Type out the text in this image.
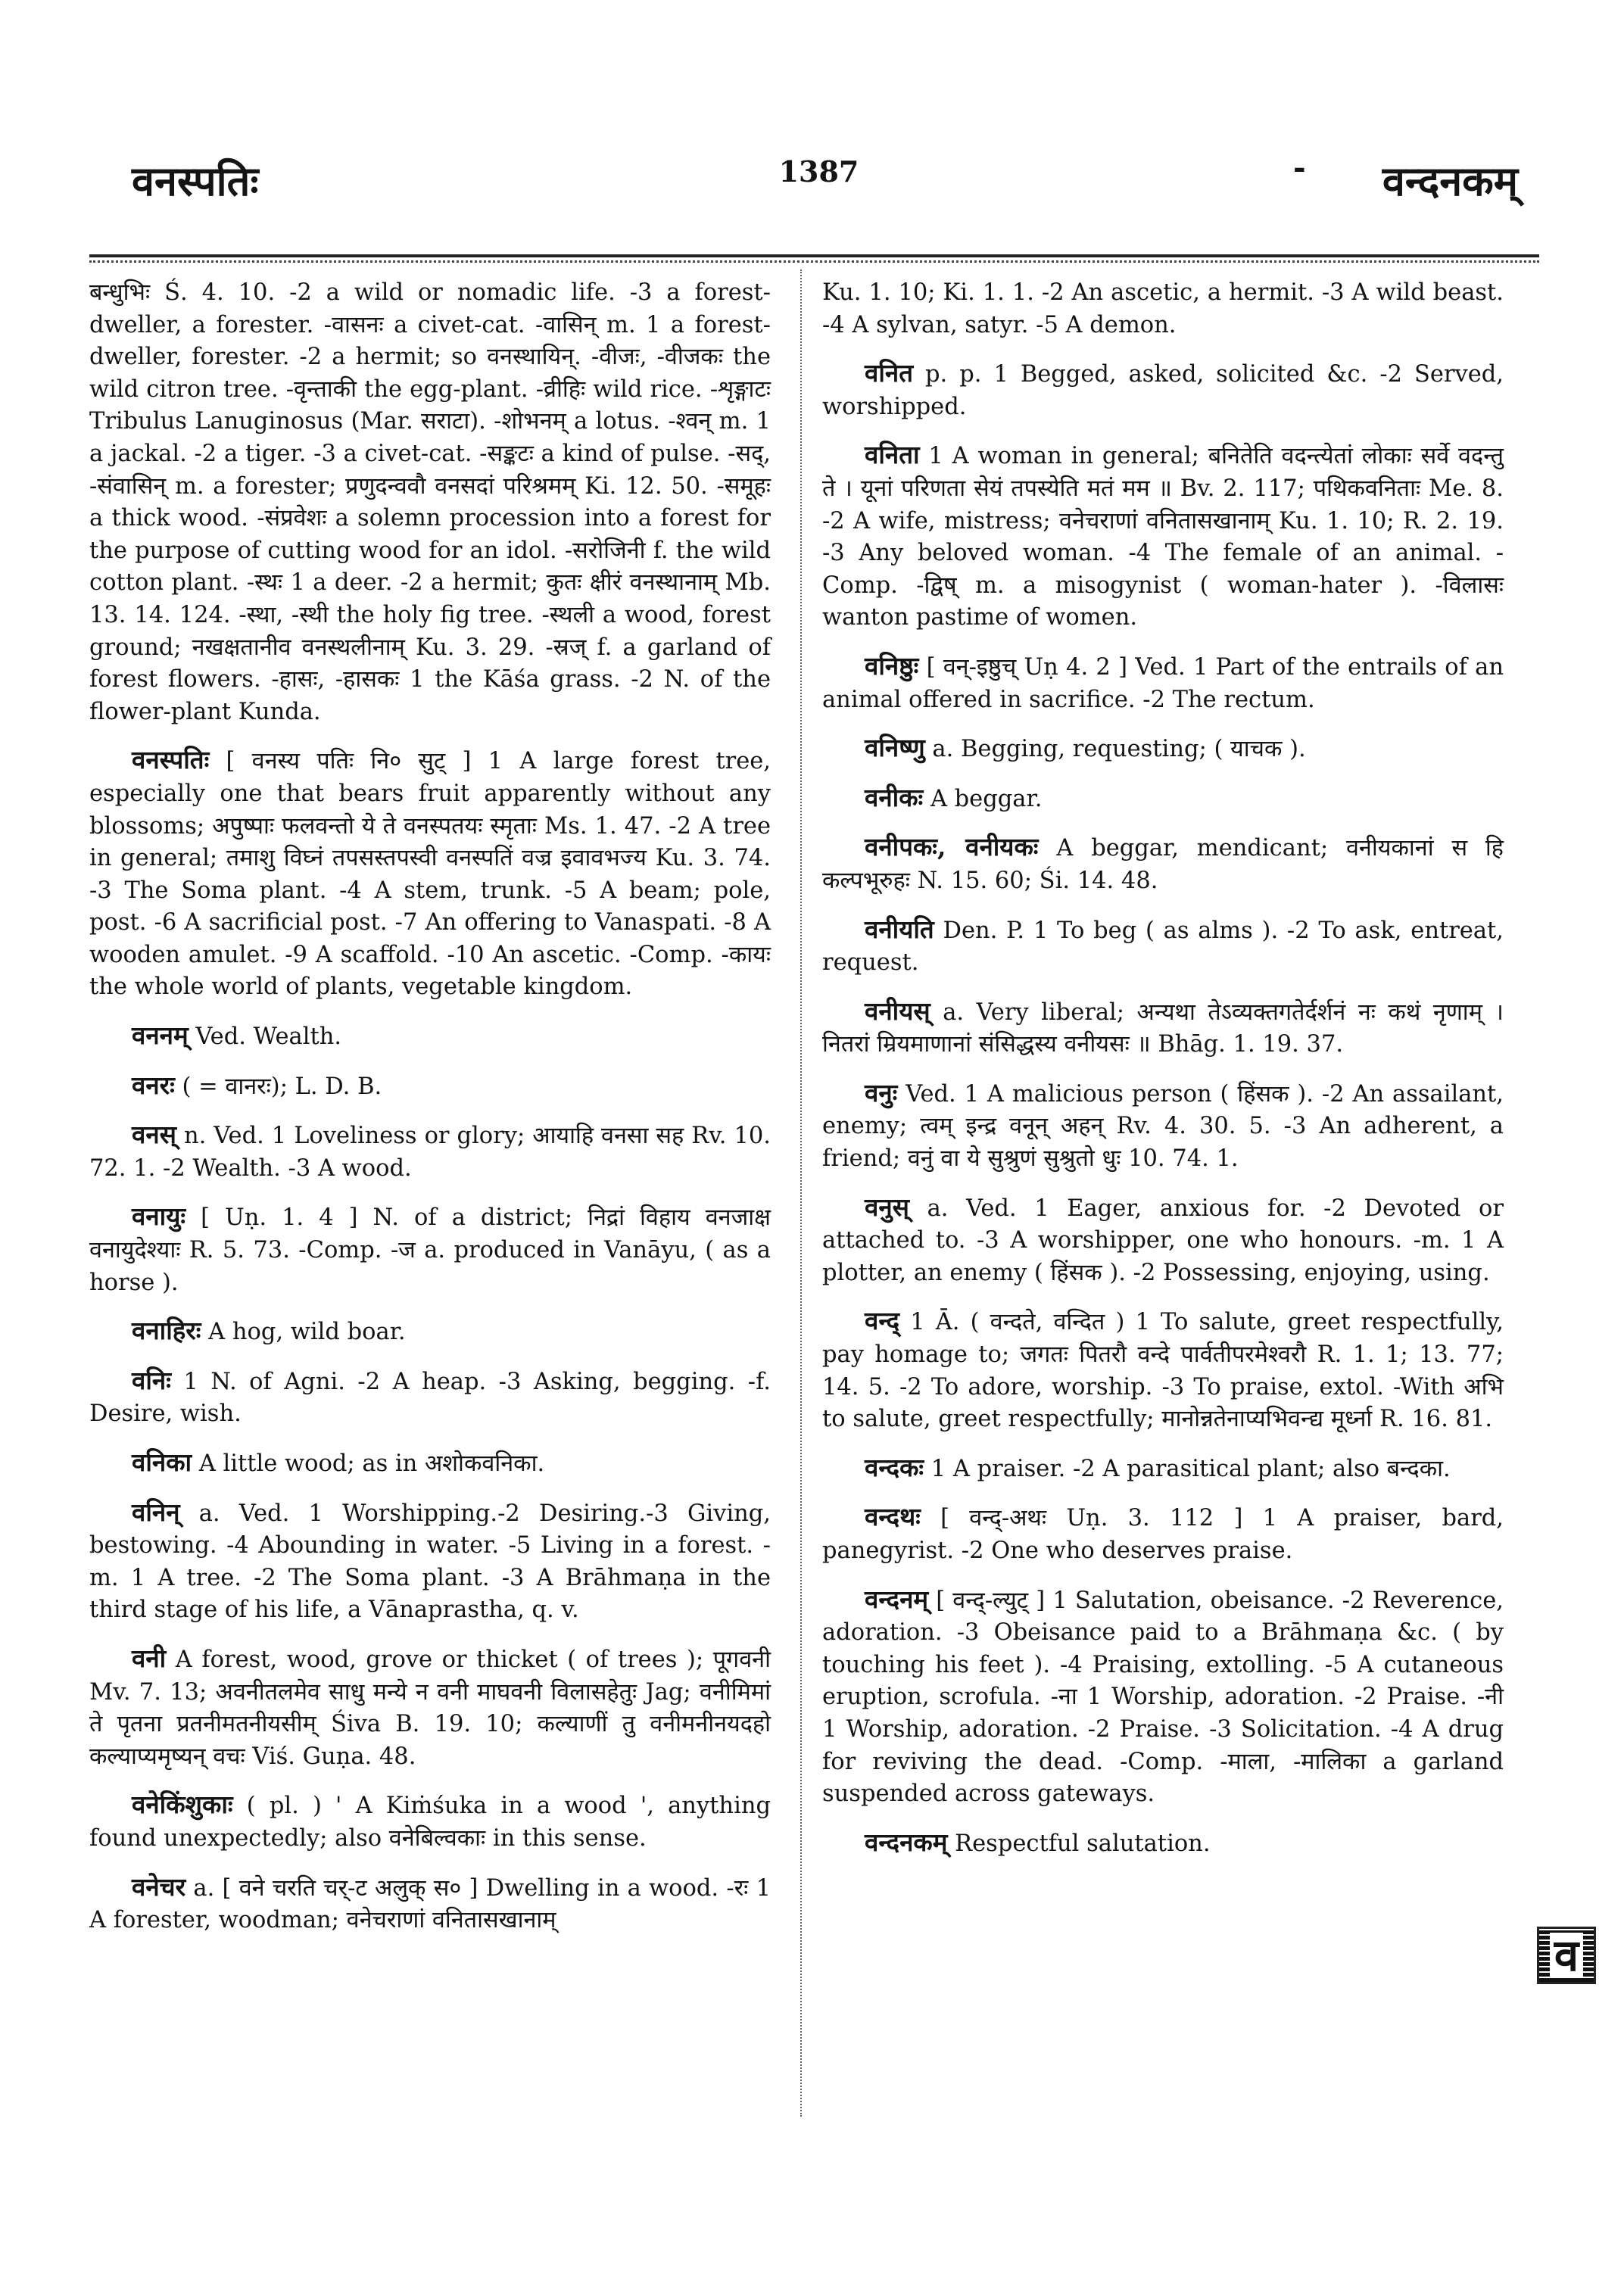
वनस्पतिः	1387	- वन्दनकम्

बन्धुभिः Ś. 4. 10. -2 a wild or nomadic life. -3 a forest-dweller, a forester. -वासनः a civet-cat. -वासिन् m. 1 a forest-dweller, forester. -2 a hermit; so वनस्थायिन्. -वीजः, -वीजकः the wild citron tree. -वृन्ताकी the egg-plant. -व्रीहिः wild rice. -शृङ्गाटः Tribulus Lanuginosus (Mar. सराटा). -शोभनम् a lotus. -श्वन् m. 1 a jackal. -2 a tiger. -3 a civet-cat. -सङ्कटः a kind of pulse. -सद्, -संवासिन् m. a forester; प्रणुदन्ववौ वनसदां परिश्रमम् Ki. 12. 50. -समूहः a thick wood. -संप्रवेशः a solemn procession into a forest for the purpose of cutting wood for an idol. -सरोजिनी f. the wild cotton plant. -स्थः 1 a deer. -2 a hermit; कुतः क्षीरं वनस्थानाम् Mb. 13. 14. 124. -स्था, -स्थी the holy fig tree. -स्थली a wood, forest ground; नखक्षतानीव वनस्थलीनाम् Ku. 3. 29. -स्रज् f. a garland of forest flowers. -हासः, -हासकः 1 the Kāśa grass. -2 N. of the flower-plant Kunda.

वनस्पतिः [ वनस्य पतिः नि० सुट् ] 1 A large forest tree, especially one that bears fruit apparently without any blossoms; अपुष्पाः फलवन्तो ये ते वनस्पतयः स्मृताः Ms. 1. 47. -2 A tree in general; तमाशु विघ्नं तपसस्तपस्वी वनस्पतिं वज्र इवावभज्य Ku. 3. 74. -3 The Soma plant. -4 A stem, trunk. -5 A beam; pole, post. -6 A sacrificial post. -7 An offering to Vanaspati. -8 A wooden amulet. -9 A scaffold. -10 An ascetic. -Comp. -कायः the whole world of plants, vegetable kingdom.

वननम् Ved. Wealth.

वनरः ( = वानरः); L. D. B.

वनस् n. Ved. 1 Loveliness or glory; आयाहि वनसा सह Rv. 10. 72. 1. -2 Wealth. -3 A wood.

वनायुः [ Uṇ. 1. 4 ] N. of a district; निद्रां विहाय वनजाक्ष वनायुदेश्याः R. 5. 73. -Comp. -ज a. produced in Vanāyu, ( as a horse ).

वनाहिरः A hog, wild boar.

वनिः 1 N. of Agni. -2 A heap. -3 Asking, begging. -f. Desire, wish.

वनिका A little wood; as in अशोकवनिका.

वनिन् a. Ved. 1 Worshipping.-2 Desiring.-3 Giving, bestowing. -4 Abounding in water. -5 Living in a forest. -m. 1 A tree. -2 The Soma plant. -3 A Brāhmaṇa in the third stage of his life, a Vānaprastha, q. v.

वनी A forest, wood, grove or thicket ( of trees ); पूगवनी Mv. 7. 13; अवनीतलमेव साधु मन्ये न वनी माघवनी विलासहेतुः Jag; वनीमिमां ते पृतना प्रतनीमतनीयसीम् Śiva B. 19. 10; कल्याणीं तु वनीमनीनयदहो कल्याप्यमृष्यन् वचः Viś. Guṇa. 48.

वनेकिंशुकाः ( pl. ) ' A Kiṁśuka in a wood ', anything found unexpectedly; also वनेबिल्वकाः in this sense.

वनेचर a. [ वने चरति चर्-ट अलुक् स० ] Dwelling in a wood. -रः 1 A forester, woodman; वनेचराणां वनितासखानाम्

Ku. 1. 10; Ki. 1. 1. -2 An ascetic, a hermit. -3 A wild beast. -4 A sylvan, satyr. -5 A demon.

वनित p. p. 1 Begged, asked, solicited &c. -2 Served, worshipped.

वनिता 1 A woman in general; बनितेति वदन्त्येतां लोकाः सर्वे वदन्तु ते । यूनां परिणता सेयं तपस्येति मतं मम ॥ Bv. 2. 117; पथिकवनिताः Me. 8. -2 A wife, mistress; वनेचराणां वनितासखानाम् Ku. 1. 10; R. 2. 19. -3 Any beloved woman. -4 The female of an animal. -Comp. -द्विष् m. a misogynist ( woman-hater ). -विलासः wanton pastime of women.

वनिष्ठुः [ वन्-इष्ठुच् Uṇ 4. 2 ] Ved. 1 Part of the entrails of an animal offered in sacrifice. -2 The rectum.

वनिष्णु a. Begging, requesting; ( याचक ).

वनीकः A beggar.

वनीपकः, वनीयकः A beggar, mendicant; वनीयकानां स हि कल्पभूरुहः N. 15. 60; Śi. 14. 48.

वनीयति Den. P. 1 To beg ( as alms ). -2 To ask, entreat, request.

वनीयस् a. Very liberal; अन्यथा तेऽव्यक्तगतेर्दर्शनं नः कथं नृणाम् । नितरां म्रियमाणानां संसिद्धस्य वनीयसः ॥ Bhāg. 1. 19. 37.

वनुः Ved. 1 A malicious person ( हिंसक ). -2 An assailant, enemy; त्वम् इन्द्र वनून् अहन् Rv. 4. 30. 5. -3 An adherent, a friend; वनुं वा ये सुश्रुणं सुश्रुतो धुः 10. 74. 1.

वनुस् a. Ved. 1 Eager, anxious for. -2 Devoted or attached to. -3 A worshipper, one who honours. -m. 1 A plotter, an enemy ( हिंसक ). -2 Possessing, enjoying, using.

वन्द् 1 Ā. ( वन्दते, वन्दित ) 1 To salute, greet respectfully, pay homage to; जगतः पितरौ वन्दे पार्वतीपरमेश्वरौ R. 1. 1; 13. 77; 14. 5. -2 To adore, worship. -3 To praise, extol. -With अभि to salute, greet respectfully; मानोन्नतेनाप्यभिवन्द्य मूर्ध्ना R. 16. 81.

वन्दकः 1 A praiser. -2 A parasitical plant; also बन्दका.

वन्दथः [ वन्द्-अथः Uṇ. 3. 112 ] 1 A praiser, bard, panegyrist. -2 One who deserves praise.

वन्दनम् [ वन्द्-ल्युट् ] 1 Salutation, obeisance. -2 Reverence, adoration. -3 Obeisance paid to a Brāhmaṇa &c. ( by touching his feet ). -4 Praising, extolling. -5 A cutaneous eruption, scrofula. -ना 1 Worship, adoration. -2 Praise. -नी 1 Worship, adoration. -2 Praise. -3 Solicitation. -4 A drug for reviving the dead. -Comp. -माला, -मालिका a garland suspended across gateways.

वन्दनकम् Respectful salutation.

व
